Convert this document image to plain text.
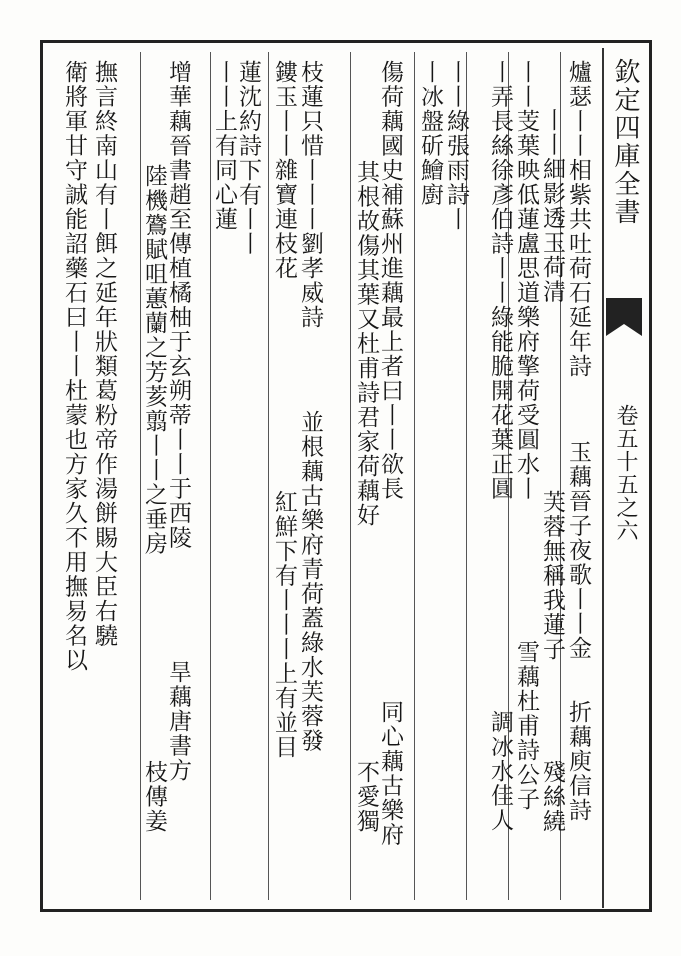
欽定四庫全書
卷五十五之六
爐瑟丨丨相紫共吐荷石延年詩
丨丨細影透玉荷清
丨丨芰葉映低蓮盧思道樂府擎荷受圓水丨
丨弄長絲徐彥伯詩丨丨綠能脆開花葉正圓
丨丨綠張雨詩丨
丨冰盤斫鱠廚
傷荷藕國史補蘇州進藕最上者曰丨丨欲長
其根故傷其葉又杜甫詩君家荷藕好
枝蓮只惜丨丨丨劉孝威詩
鏤玉丨丨雜寶連枝花
蓮沈約詩下有丨丨
丨丨上有同心蓮
增華藕晉書趙至傳植橘柚于玄朔蒂丨丨于西陵
陸機鷟賦咀蕙蘭之芳荄翦丨丨之垂房
撫言終南山有丨餌之延年狀類葛粉帝作湯餅賜大臣右驍
衛將軍甘守誠能詔藥石曰丨丨杜蒙也方家久不用撫易名以	玉藕晉子夜歌丨丨金
芙蓉無稱我蓮子
折藕庾信詩
殘絲繞
雪藕杜甫詩公子
調冰水佳人
同心藕古樂府
不愛獨
並根藕古樂府青荷蓋綠水芙蓉發
紅鮮下有丨丨丨上有並目
旱藕唐書方
枝傳姜
